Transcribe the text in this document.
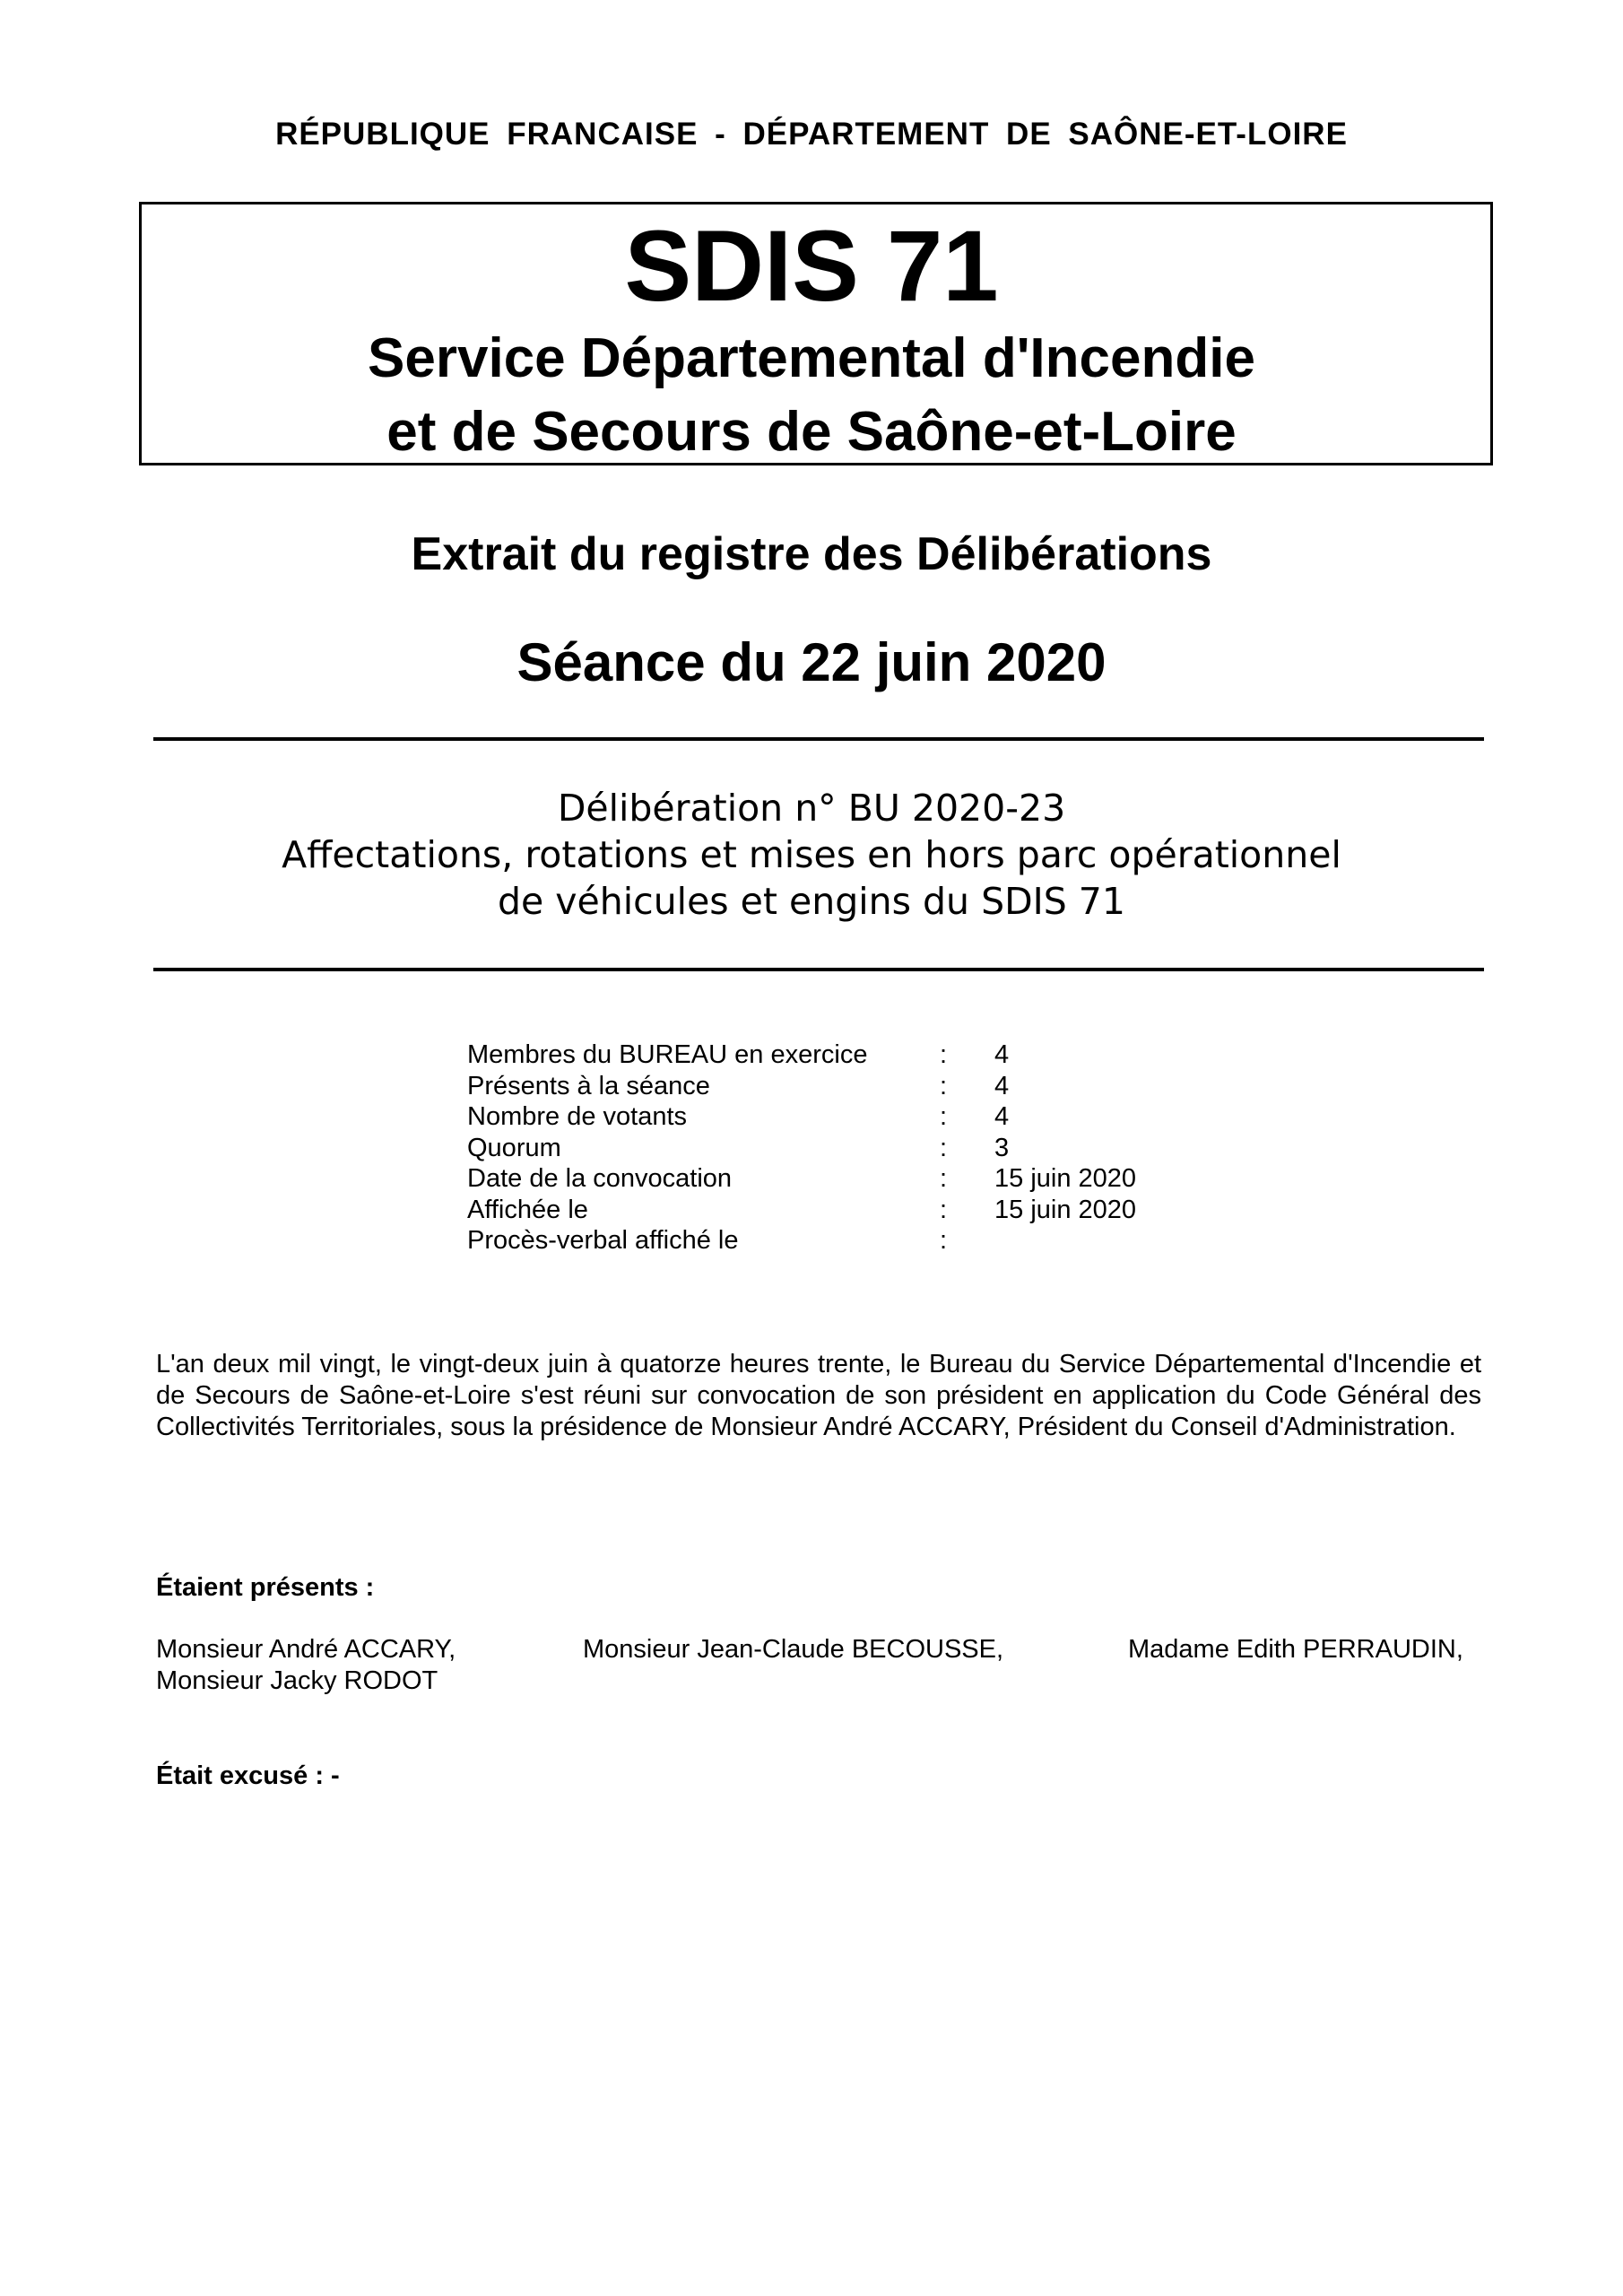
RÉPUBLIQUE FRANCAISE - DÉPARTEMENT DE SAÔNE-ET-LOIRE
SDIS 71
Service Départemental d'Incendie
et de Secours de Saône-et-Loire
Extrait du registre des Délibérations
Séance du 22 juin 2020
Délibération n° BU 2020-23
Affectations, rotations et mises en hors parc opérationnel
de véhicules et engins du SDIS 71
Membres du BUREAU en exercice	: 4
Présents à la séance	: 4
Nombre de votants	: 4
Quorum	: 3
Date de la convocation	: 15 juin 2020
Affichée le	: 15 juin 2020
Procès-verbal affiché le	:
L'an deux mil vingt, le vingt-deux juin à quatorze heures trente, le Bureau du Service Départemental d'Incendie et de Secours de Saône-et-Loire s'est réuni sur convocation de son président en application du Code Général des Collectivités Territoriales, sous la présidence de Monsieur André ACCARY, Président du Conseil d'Administration.
Étaient présents :
Monsieur André ACCARY,	Monsieur Jean-Claude BECOUSSE,	Madame Edith PERRAUDIN,
Monsieur Jacky RODOT
Était excusé : -
